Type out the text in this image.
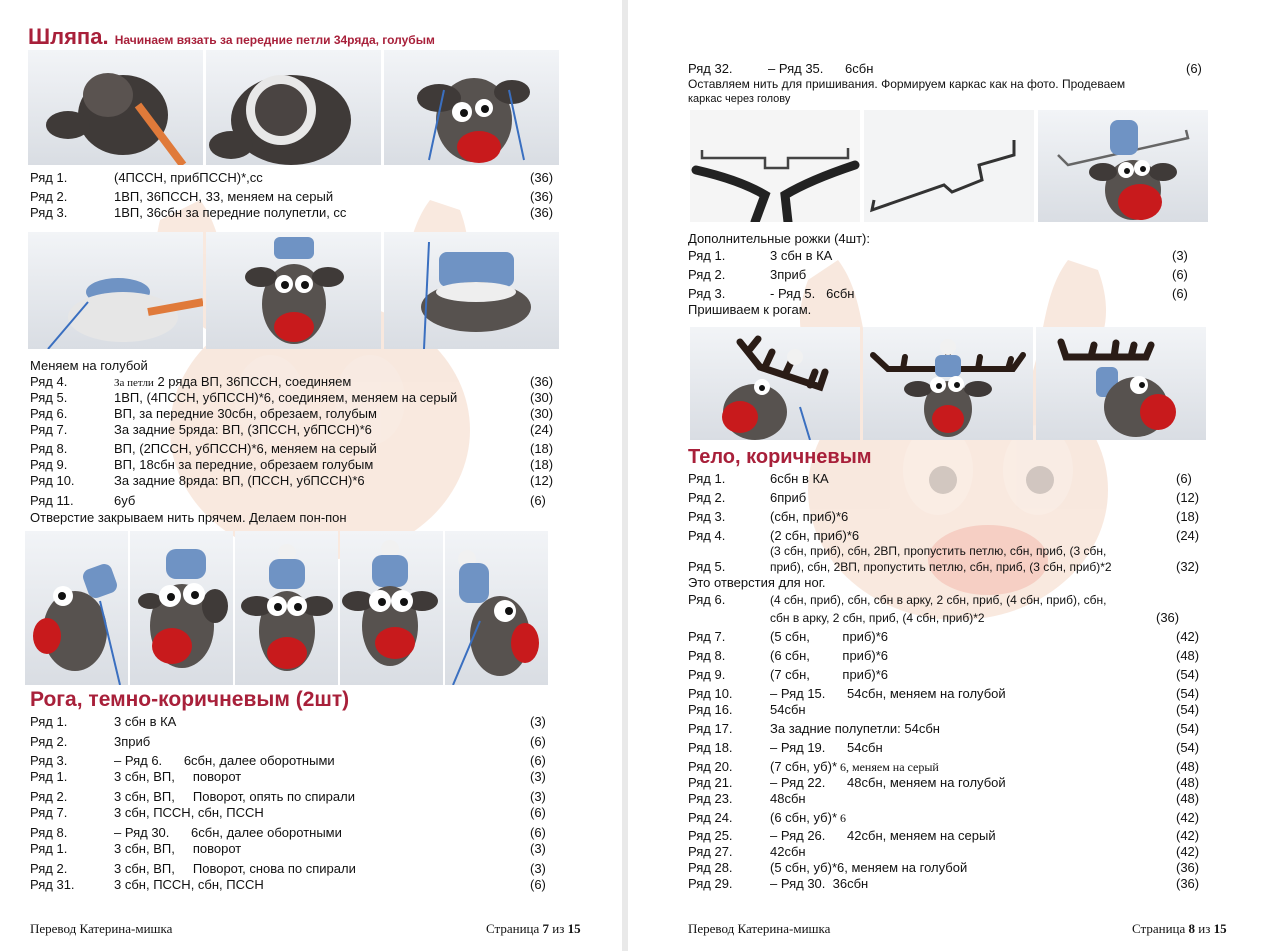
Шляпа. Начинаем вязать за передние петли 34ряда, голубым
Ряд 1.	(4ПССН, прибПССН)*,сс	(36)
Ряд 2.	1ВП, 36ПССН, 33, меняем на серый	(36)
Ряд 3.	1ВП, 36сбн за передние полупетли, сс	(36)
Меняем на голубой
Ряд 4.	За петли 2 ряда ВП, 36ПССН, соединяем	(36)
Ряд 5.	1ВП, (4ПССН, убПССН)*6, соединяем, меняем на серый	(30)
Ряд 6.	ВП, за передние 30сбн, обрезаем, голубым	(30)
Ряд 7.	За задние 5ряда: ВП, (3ПССН, убПССН)*6	(24)
Ряд 8.	ВП, (2ПССН, убПССН)*6, меняем на серый	(18)
Ряд 9.	ВП, 18сбн за передние, обрезаем голубым	(18)
Ряд 10.	За задние 8ряда: ВП, (ПССН, убПССН)*6	(12)
Ряд 11.	6уб	(6)
Отверстие закрываем нить прячем. Делаем пон-пон
Рога, темно-коричневым (2шт)
Ряд 1.	3 сбн в КА	(3)
Ряд 2.	3приб	(6)
Ряд 3.	– Ряд 6.      6сбн, далее оборотными	(6)
Ряд 1.	3 сбн, ВП,     поворот	(3)
Ряд 2.	3 сбн, ВП,     Поворот, опять по спирали	(3)
Ряд 7.	3 сбн, ПССН, сбн, ПССН	(6)
Ряд 8.	– Ряд 30.      6сбн, далее оборотными	(6)
Ряд 1.	3 сбн, ВП,     поворот	(3)
Ряд 2.	3 сбн, ВП,     Поворот, снова по спирали	(3)
Ряд 31.	3 сбн, ПССН, сбн, ПССН	(6)
Перевод Катерина-мишка	Страница 7 из 15
Ряд 32.	– Ряд 35.      6сбн	(6)
Оставляем нить для пришивания. Формируем каркас как на фото. Продеваем
каркас через голову
Дополнительные рожки (4шт):
Ряд 1.	3 сбн в КА	(3)
Ряд 2.	3приб	(6)
Ряд 3.	- Ряд 5.   6сбн	(6)
Пришиваем к рогам.
Тело, коричневым
Ряд 1.	6сбн в КА	(6)
Ряд 2.	6приб	(12)
Ряд 3.	(сбн, приб)*6	(18)
Ряд 4.	(2 сбн, приб)*6	(24)
(3 сбн, приб), сбн, 2ВП, пропустить петлю, сбн, приб, (3 сбн,
Ряд 5.	приб), сбн, 2ВП, пропустить петлю, сбн, приб, (3 сбн, приб)*2	(32)
Это отверстия для ног.
Ряд 6.	(4 сбн, приб), сбн, сбн в арку, 2 сбн, приб, (4 сбн, приб), сбн,
сбн в арку, 2 сбн, приб, (4 сбн, приб)*2	(36)
Ряд 7.	(5 сбн,         приб)*6	(42)
Ряд 8.	(6 сбн,         приб)*6	(48)
Ряд 9.	(7 сбн,         приб)*6	(54)
Ряд 10.	– Ряд 15.      54сбн, меняем на голубой	(54)
Ряд 16.	54сбн	(54)
Ряд 17.	За задние полупетли: 54сбн	(54)
Ряд 18.	– Ряд 19.      54сбн	(54)
Ряд 20.	(7 сбн, уб)* 6, меняем на серый	(48)
Ряд 21.	– Ряд 22.      48сбн, меняем на голубой	(48)
Ряд 23.	48сбн	(48)
Ряд 24.	(6 сбн, уб)* 6	(42)
Ряд 25.	– Ряд 26.      42сбн, меняем на серый	(42)
Ряд 27.	42сбн	(42)
Ряд 28.	(5 сбн, уб)*6, меняем на голубой	(36)
Ряд 29.	– Ряд 30.  36сбн	(36)
Перевод Катерина-мишка	Страница 8 из 15
